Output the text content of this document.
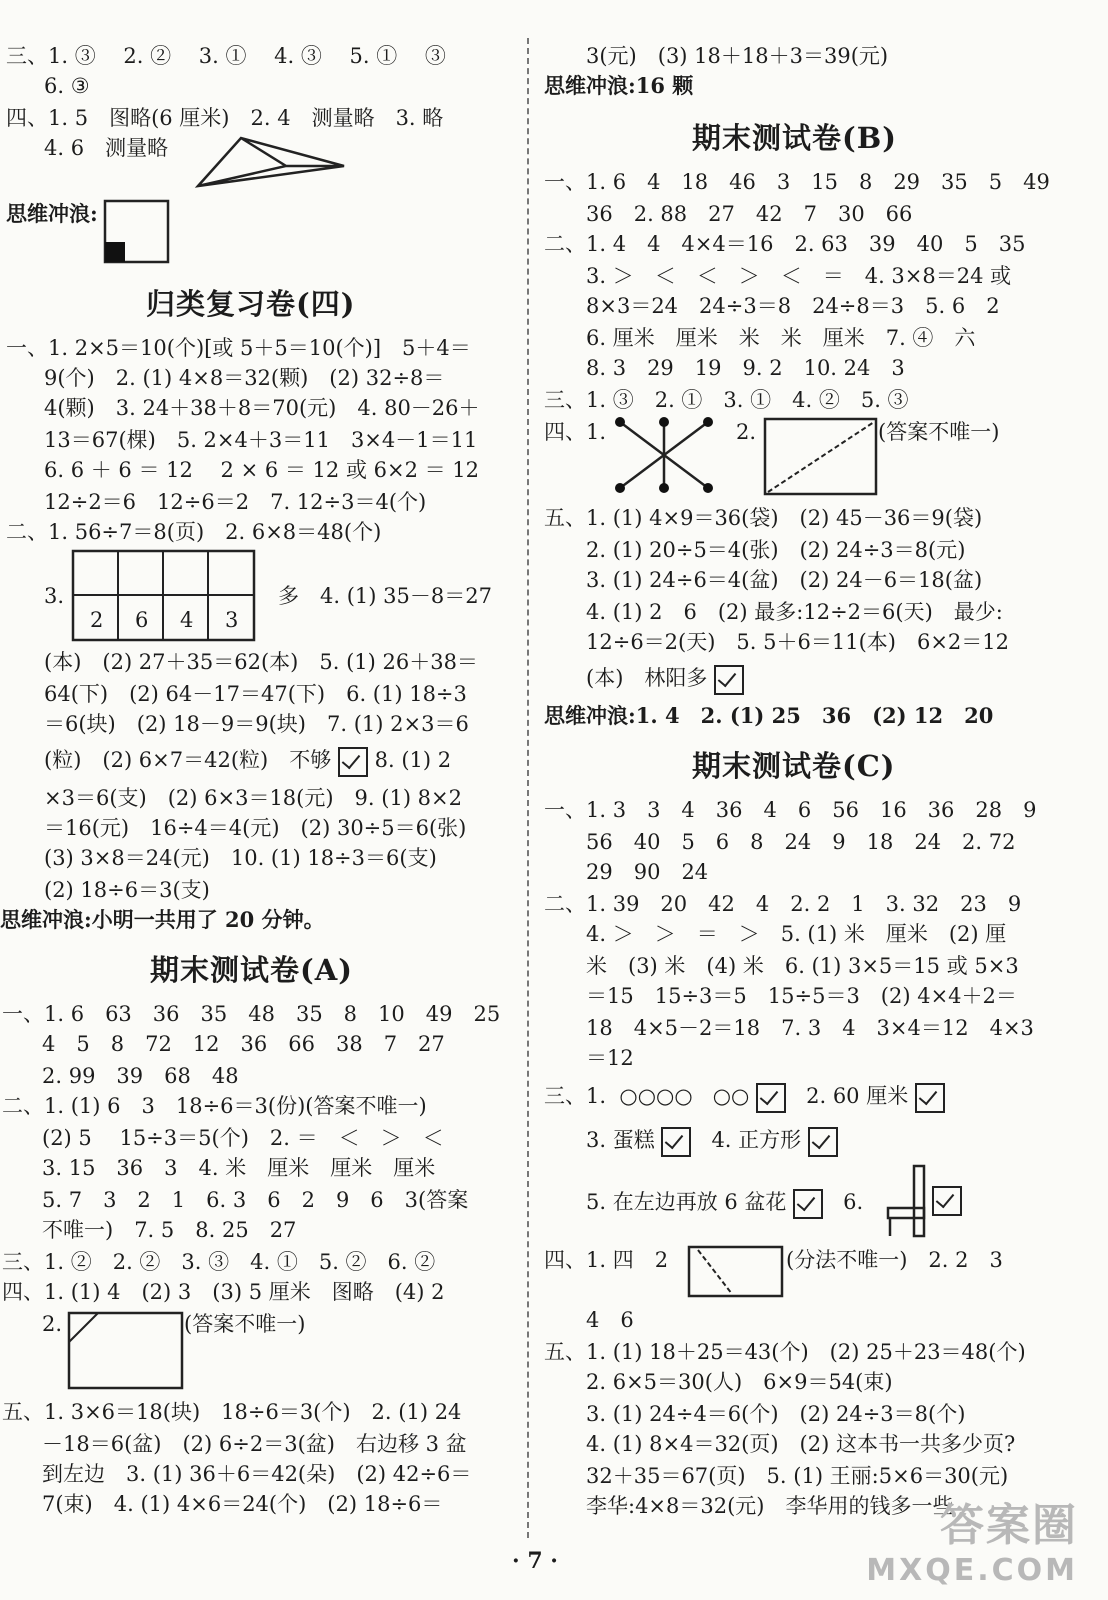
三、1. ③　 2. ②　 3. ①　 4. ③　 5. ①　 ③
6. ③
四、1. 5　图略(6 厘米)　2. 4　测量略　3. 略
4. 6　测量略
思维冲浪:
归类复习卷(四)
一、1. 2×5＝10(个)[或 5＋5＝10(个)]　5＋4＝
9(个)　2. (1) 4×8＝32(颗)　(2) 32÷8＝
4(颗)　3. 24＋38＋8＝70(元)　4. 80－26＋
13＝67(棵)　5. 2×4＋3＝11　3×4－1＝11
6. 6 ＋ 6 ＝ 12　 2 × 6 ＝ 12 或 6×2 ＝ 12
12÷2＝6　12÷6＝2　7. 12÷3＝4(个)
二、1. 56÷7＝8(页)　2. 6×8＝48(个)
3.
2 6 4 3
多　4. (1) 35－8＝27
(本)　(2) 27＋35＝62(本)　5. (1) 26＋38＝
64(下)　(2) 64－17＝47(下)　6. (1) 18÷3
＝6(块)　(2) 18－9＝9(块)　7. (1) 2×3＝6
(粒)　(2) 6×7＝42(粒)　不够 8. (1) 2
×3＝6(支)　(2) 6×3＝18(元)　9. (1) 8×2
＝16(元)　16÷4＝4(元)　(2) 30÷5＝6(张)
(3) 3×8＝24(元)　10. (1) 18÷3＝6(支)
(2) 18÷6＝3(支)
思维冲浪:小明一共用了 20 分钟。
期末测试卷(A)
一、1. 6　63　36　35　48　35　8　10　49　25
4　5　8　72　12　36　66　38　7　27
2. 99　39　68　48
二、1. (1) 6　3　18÷6＝3(份)(答案不唯一)
(2) 5　 15÷3＝5(个)　2. ＝　＜　＞　＜
3. 15　36　3　4. 米　厘米　厘米　厘米
5. 7　3　2　1　6. 3　6　2　9　6　3(答案
不唯一)　7. 5　8. 25　27
三、1. ②　2. ②　3. ③　4. ①　5. ②　6. ②
四、1. (1) 4　(2) 3　(3) 5 厘米　图略　(4) 2
2.	(答案不唯一)
五、1. 3×6＝18(块)　18÷6＝3(个)　2. (1) 24
－18＝6(盆)　(2) 6÷2＝3(盆)　右边移 3 盆
到左边　3. (1) 36＋6＝42(朵)　(2) 42÷6＝
7(束)　4. (1) 4×6＝24(个)　(2) 18÷6＝
3(元)　(3) 18＋18＋3＝39(元)
思维冲浪:16 颗
期末测试卷(B)
一、1. 6　4　18　46　3　15　8　29　35　5　49
36　2. 88　27　42　7　30　66
二、1. 4　4　4×4＝16　2. 63　39　40　5　35
3. ＞　＜　＜　＞　＜　＝　4. 3×8＝24 或
8×3＝24　24÷3＝8　24÷8＝3　5. 6　2
6. 厘米　厘米　米　米　厘米　7. ④　六
8. 3　29　19　9. 2　10. 24　3
三、1. ③　2. ①　3. ①　4. ②　5. ③
四、1.	2.	(答案不唯一)
五、1. (1) 4×9＝36(袋)　(2) 45－36＝9(袋)
2. (1) 20÷5＝4(张)　(2) 24÷3＝8(元)
3. (1) 24÷6＝4(盆)　(2) 24－6＝18(盆)
4. (1) 2　6　(2) 最多:12÷2＝6(天)　最少:
12÷6＝2(天)　5. 5＋6＝11(本)　6×2＝12
(本)　林阳多
思维冲浪:1. 4　2. (1) 25　36　(2) 12　20
期末测试卷(C)
一、1. 3　3　4　36　4　6　56　16　36　28　9
56　40　5　6　8　24　9　18　24　2. 72
29　90　24
二、1. 39　20　42　4　2. 2　1　3. 32　23　9
4. ＞　＞　＝　＞　5. (1) 米　厘米　(2) 厘
米　(3) 米　(4) 米　6. (1) 3×5＝15 或 5×3
＝15　15÷3＝5　15÷5＝3　(2) 4×4＋2＝
18　4×5－2＝18　7. 3　4　3×4＝12　4×3
＝12
三、1. ○○○○ ○○	2. 60 厘米
3. 蛋糕	4. 正方形
5. 在左边再放 6 盆花	6.
四、1. 四　2	(分法不唯一)　2. 2　3
4　6
五、1. (1) 18＋25＝43(个)　(2) 25＋23＝48(个)
2. 6×5＝30(人)　6×9＝54(束)
3. (1) 24÷4＝6(个)　(2) 24÷3＝8(个)
4. (1) 8×4＝32(页)　(2) 这本书一共多少页?
32＋35＝67(页)　5. (1) 王丽:5×6＝30(元)
李华:4×8＝32(元)　李华用的钱多一些
· 7 ·
答案圈
MXQE.COM
